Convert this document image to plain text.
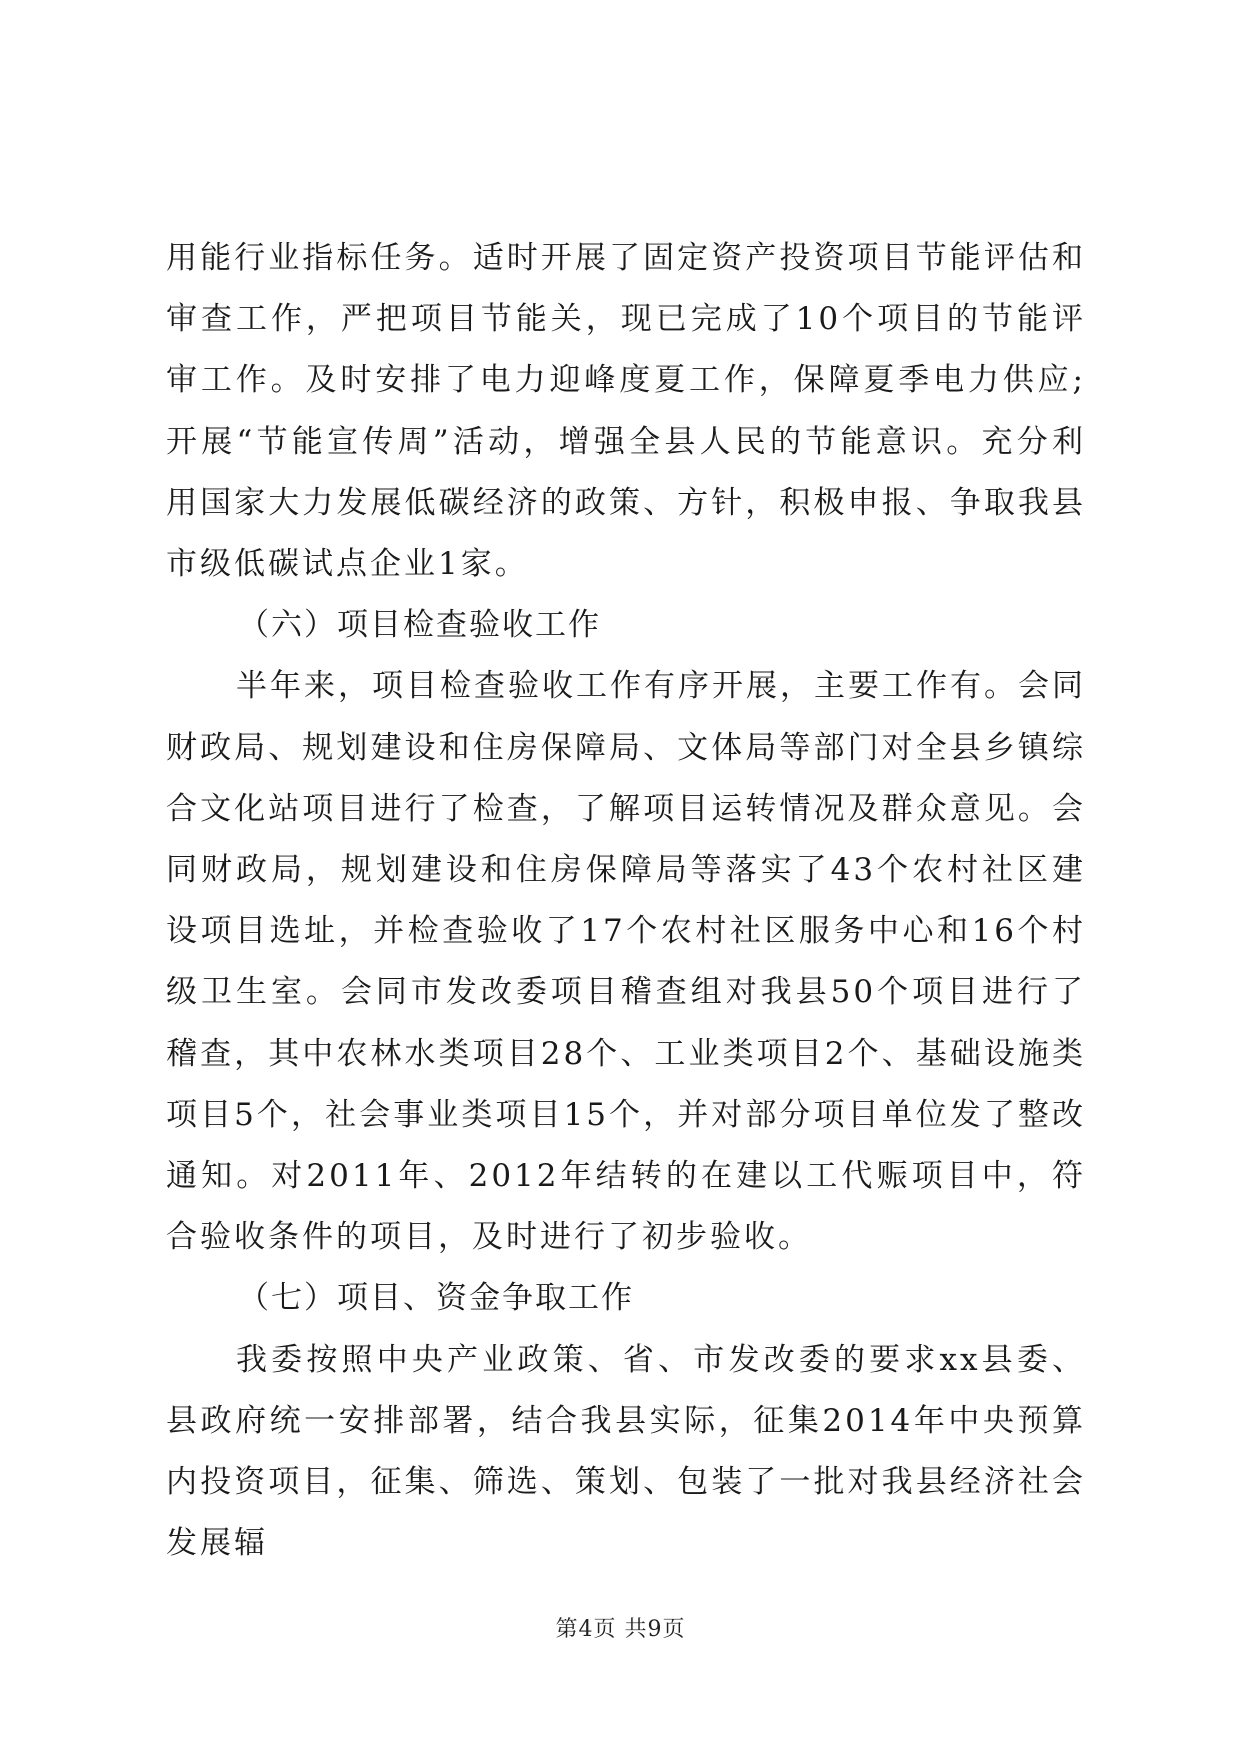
用能行业指标任务。适时开展了固定资产投资项目节能评估和审查工作，严把项目节能关，现已完成了10个项目的节能评审工作。及时安排了电力迎峰度夏工作，保障夏季电力供应;开展“节能宣传周”活动，增强全县人民的节能意识。充分利用国家大力发展低碳经济的政策、方针，积极申报、争取我县市级低碳试点企业1家。

（六）项目检查验收工作

半年来，项目检查验收工作有序开展，主要工作有。会同财政局、规划建设和住房保障局、文体局等部门对全县乡镇综合文化站项目进行了检查，了解项目运转情况及群众意见。会同财政局，规划建设和住房保障局等落实了43个农村社区建设项目选址，并检查验收了17个农村社区服务中心和16个村级卫生室。会同市发改委项目稽查组对我县50个项目进行了稽查，其中农林水类项目28个、工业类项目2个、基础设施类项目5个，社会事业类项目15个，并对部分项目单位发了整改通知。对2011年、2012年结转的在建以工代赈项目中，符合验收条件的项目，及时进行了初步验收。

（七）项目、资金争取工作

我委按照中央产业政策、省、市发改委的要求xx县委、县政府统一安排部署，结合我县实际，征集2014年中央预算内投资项目，征集、筛选、策划、包装了一批对我县经济社会发展辐

第4页 共9页
